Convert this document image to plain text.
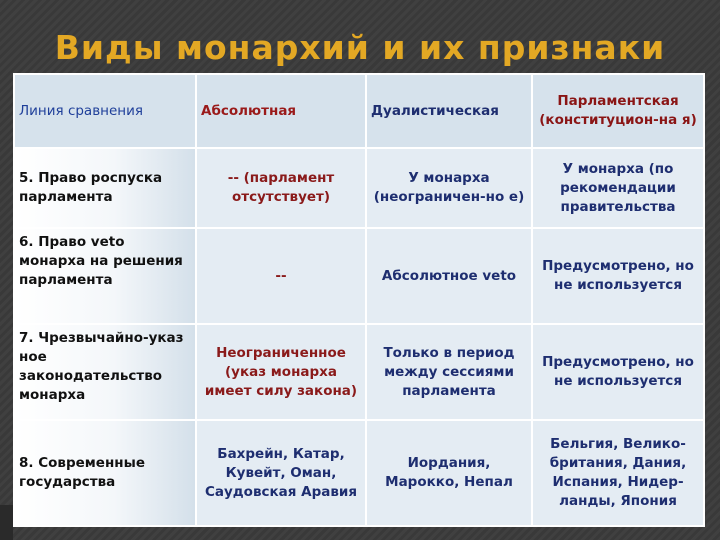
Виды монархий и их признаки
Линия сравнения	Абсолютная	Дуалистическая	Парламентская (конституцион-на я)
5. Право роспуска парламента	-- (парламент отсутствует)	У монарха (неограничен-но е)	У монарха (по рекомендации правительства
6. Право veto монарха на решения парламента	--	Абсолютное veto	Предусмотрено, но не используется
7. Чрезвычайно-указ ное законодательство монарха	Неограниченное (указ монарха имеет силу закона)	Только в период между сессиями парламента	Предусмотрено, но не используется
8. Современные государства	Бахрейн, Катар, Кувейт, Оман, Саудовская Аравия	Иордания, Марокко, Непал	Бельгия, Велико-британия, Дания, Испания, Нидер-ланды, Япония
